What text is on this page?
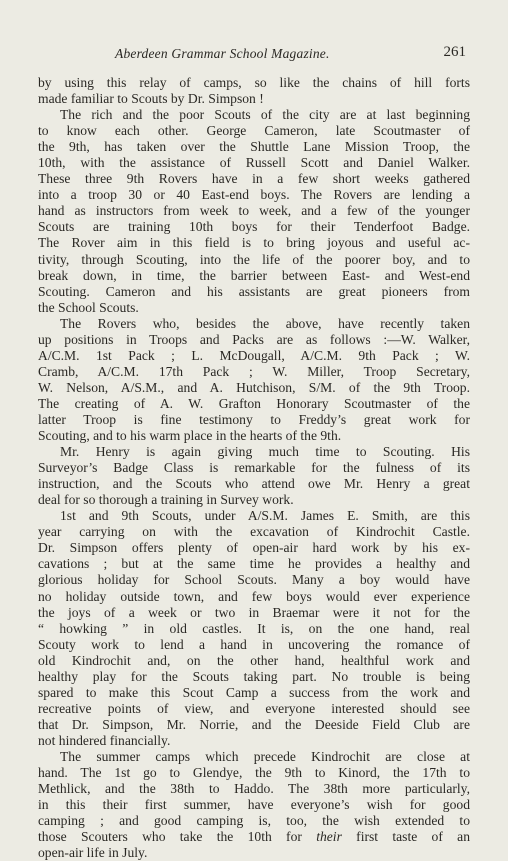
Aberdeen Grammar School Magazine.	261
by using this relay of camps, so like the chains of hill forts
made familiar to Scouts by Dr. Simpson !
The rich and the poor Scouts of the city are at last beginning
to know each other. George Cameron, late Scoutmaster of
the 9th, has taken over the Shuttle Lane Mission Troop, the
10th, with the assistance of Russell Scott and Daniel Walker.
These three 9th Rovers have in a few short weeks gathered
into a troop 30 or 40 East-end boys. The Rovers are lending a
hand as instructors from week to week, and a few of the younger
Scouts are training 10th boys for their Tenderfoot Badge.
The Rover aim in this field is to bring joyous and useful ac-
tivity, through Scouting, into the life of the poorer boy, and to
break down, in time, the barrier between East- and West-end
Scouting. Cameron and his assistants are great pioneers from
the School Scouts.
The Rovers who, besides the above, have recently taken
up positions in Troops and Packs are as follows :—W. Walker,
A/C.M. 1st Pack ; L. McDougall, A/C.M. 9th Pack ; W.
Cramb, A/C.M. 17th Pack ; W. Miller, Troop Secretary,
W. Nelson, A/S.M., and A. Hutchison, S/M. of the 9th Troop.
The creating of A. W. Grafton Honorary Scoutmaster of the
latter Troop is fine testimony to Freddy’s great work for
Scouting, and to his warm place in the hearts of the 9th.
Mr. Henry is again giving much time to Scouting. His
Surveyor’s Badge Class is remarkable for the fulness of its
instruction, and the Scouts who attend owe Mr. Henry a great
deal for so thorough a training in Survey work.
1st and 9th Scouts, under A/S.M. James E. Smith, are this
year carrying on with the excavation of Kindrochit Castle.
Dr. Simpson offers plenty of open-air hard work by his ex-
cavations ; but at the same time he provides a healthy and
glorious holiday for School Scouts. Many a boy would have
no holiday outside town, and few boys would ever experience
the joys of a week or two in Braemar were it not for the
“ howking ” in old castles. It is, on the one hand, real
Scouty work to lend a hand in uncovering the romance of
old Kindrochit and, on the other hand, healthful work and
healthy play for the Scouts taking part. No trouble is being
spared to make this Scout Camp a success from the work and
recreative points of view, and everyone interested should see
that Dr. Simpson, Mr. Norrie, and the Deeside Field Club are
not hindered financially.
The summer camps which precede Kindrochit are close at
hand. The 1st go to Glendye, the 9th to Kinord, the 17th to
Methlick, and the 38th to Haddo. The 38th more particularly,
in this their first summer, have everyone’s wish for good
camping ; and good camping is, too, the wish extended to
those Scouters who take the 10th for their first taste of an
open-air life in July.
